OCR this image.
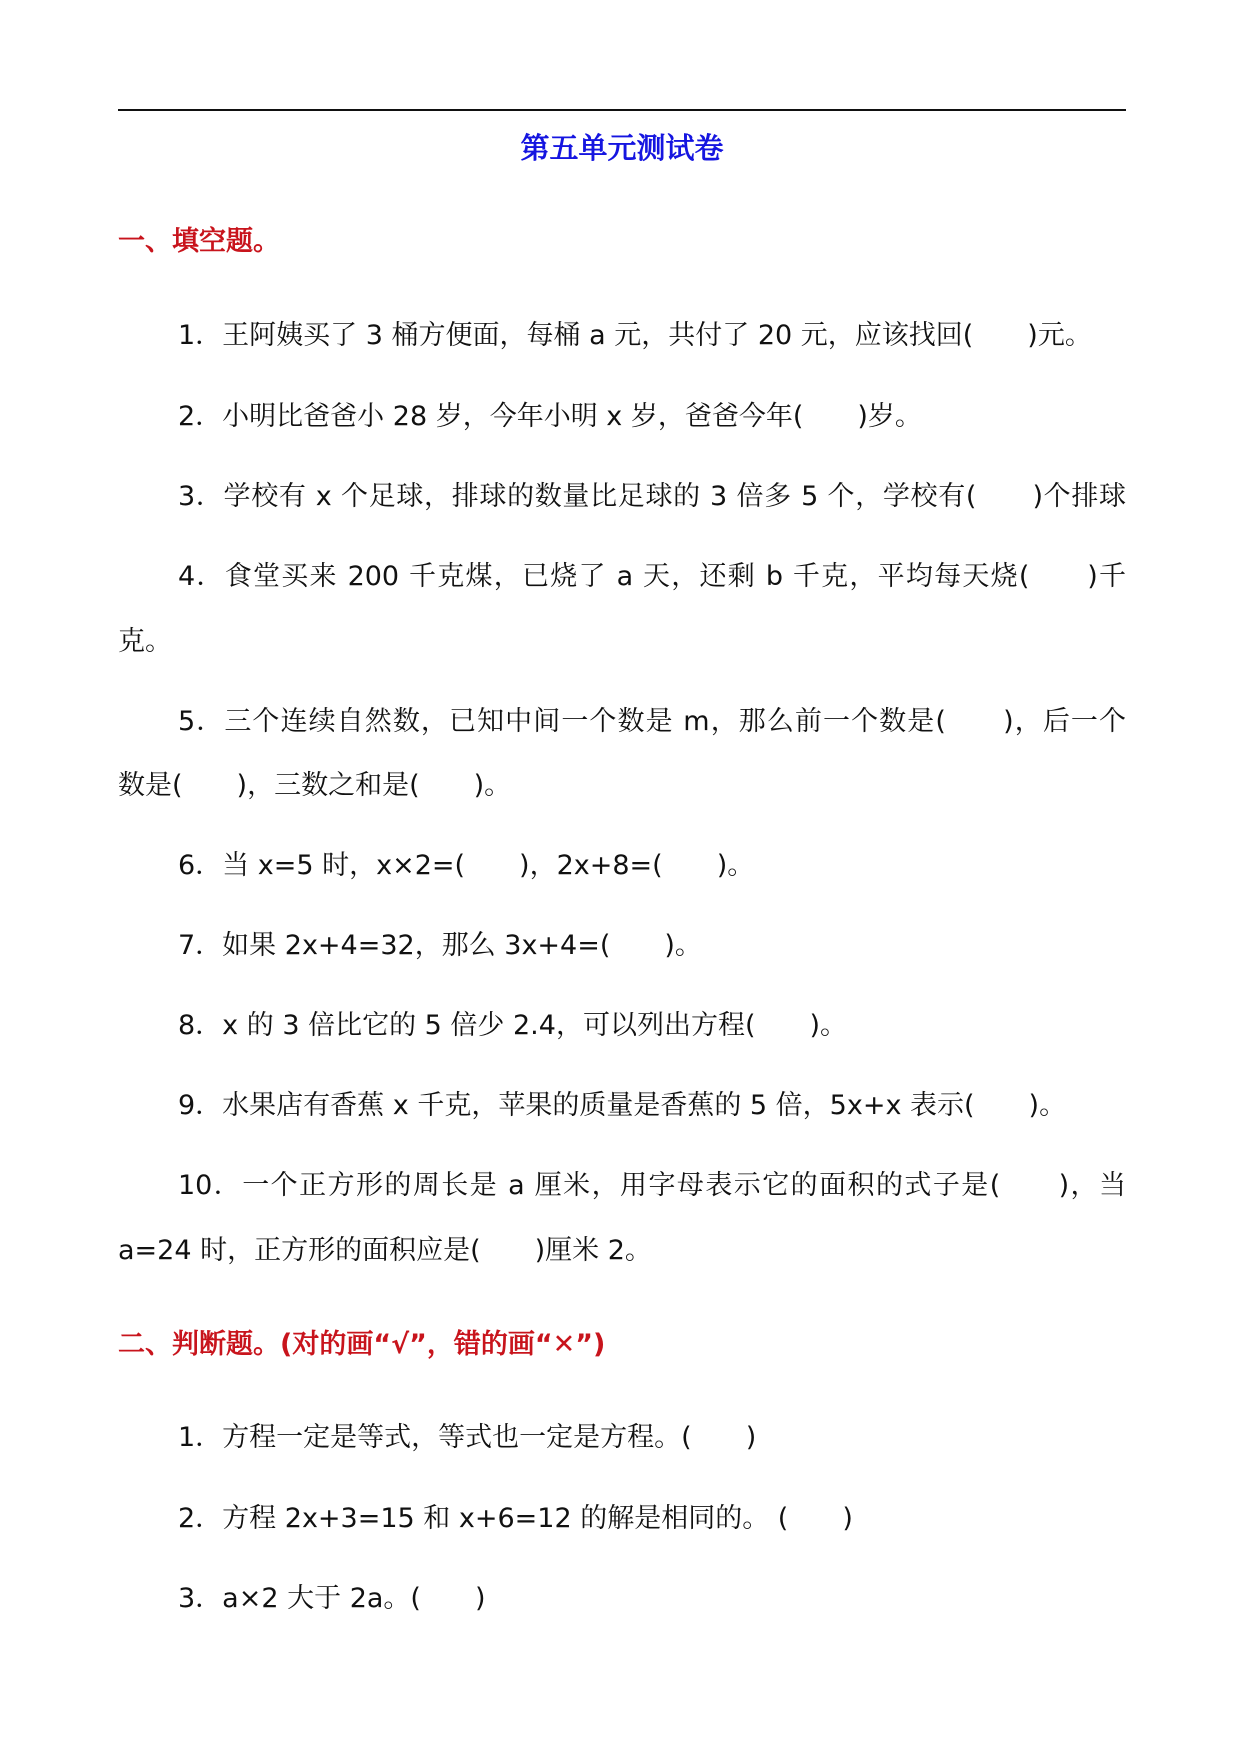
第五单元测试卷
一、填空题。
1．王阿姨买了 3 桶方便面，每桶 a 元，共付了 20 元，应该找回(　　)元。
2．小明比爸爸小 28 岁，今年小明 x 岁，爸爸今年(　　)岁。
3．学校有 x 个足球，排球的数量比足球的 3 倍多 5 个，学校有(　　)个排球
4．食堂买来 200 千克煤，已烧了 a 天，还剩 b 千克，平均每天烧(　　)千
克。
5．三个连续自然数，已知中间一个数是 m，那么前一个数是(　　)，后一个
数是(　　)，三数之和是(　　)。
6．当 x=5 时，x×2=(　　)，2x+8=(　　)。
7．如果 2x+4=32，那么 3x+4=(　　)。
8．x 的 3 倍比它的 5 倍少 2.4，可以列出方程(　　)。
9．水果店有香蕉 x 千克，苹果的质量是香蕉的 5 倍，5x+x 表示(　　)。
10．一个正方形的周长是 a 厘米，用字母表示它的面积的式子是(　　)，当
a=24 时，正方形的面积应是(　　)厘米 2。
二、判断题。(对的画“√”，错的画“✕”)
1．方程一定是等式，等式也一定是方程。(　　)
2．方程 2x+3=15 和 x+6=12 的解是相同的。 (　　)
3．a×2 大于 2a。(　　)
